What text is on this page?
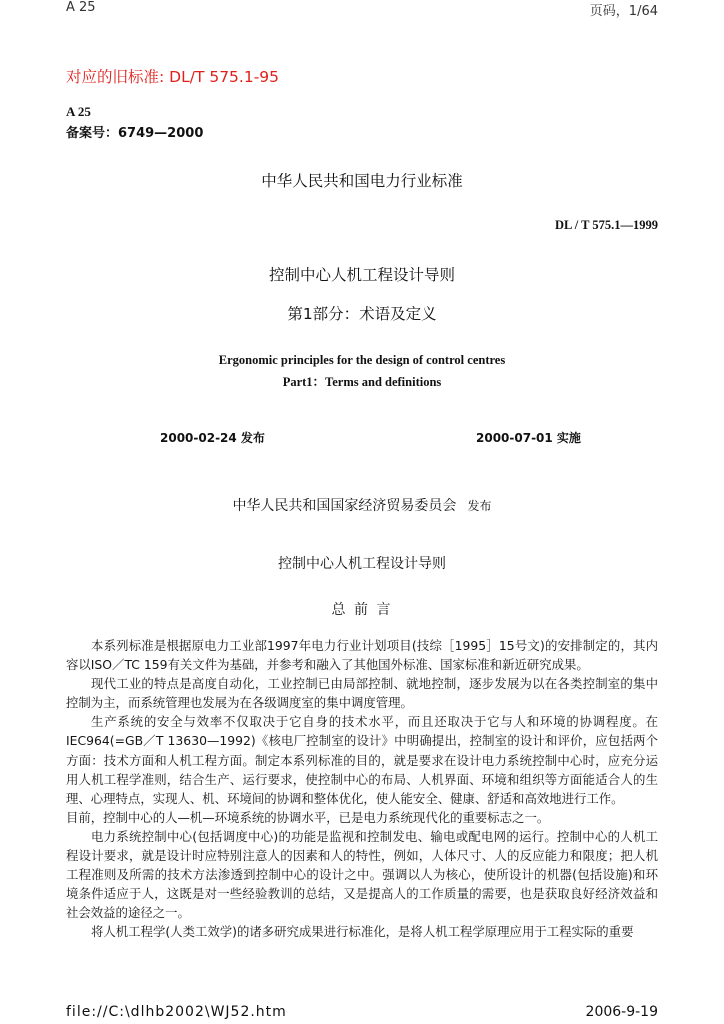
A 25	页码，1/64
对应的旧标准: DL/T 575.1-95
A 25
备案号：6749—2000
中华人民共和国电力行业标准
DL / T 575.1—1999
控制中心人机工程设计导则
第1部分：术语及定义
Ergonomic principles for the design of control centres
Part1：Terms and definitions
2000-02-24 发布	2000-07-01 实施
中华人民共和国国家经济贸易委员会 发布
控制中心人机工程设计导则
总 前 言

本系列标准是根据原电力工业部1997年电力行业计划项目(技综［1995］15号文)的安排制定的，其内容以ISO／TC 159有关文件为基础，并参考和融入了其他国外标准、国家标准和新近研究成果。

现代工业的特点是高度自动化，工业控制已由局部控制、就地控制，逐步发展为以在各类控制室的集中控制为主，而系统管理也发展为在各级调度室的集中调度管理。

生产系统的安全与效率不仅取决于它自身的技术水平，而且还取决于它与人和环境的协调程度。在IEC964(=GB／T 13630—1992)《核电厂控制室的设计》中明确提出，控制室的设计和评价，应包括两个方面：技术方面和人机工程方面。制定本系列标准的目的，就是要求在设计电力系统控制中心时，应充分运用人机工程学准则，结合生产、运行要求，使控制中心的布局、人机界面、环境和组织等方面能适合人的生理、心理特点，实现人、机、环境间的协调和整体优化，使人能安全、健康、舒适和高效地进行工作。

目前，控制中心的人—机—环境系统的协调水平，已是电力系统现代化的重要标志之一。

电力系统控制中心(包括调度中心)的功能是监视和控制发电、输电或配电网的运行。控制中心的人机工程设计要求，就是设计时应特别注意人的因素和人的特性，例如，人体尺寸、人的反应能力和限度；把人机工程准则及所需的技术方法渗透到控制中心的设计之中。强调以人为核心，使所设计的机器(包括设施)和环境条件适应于人，这既是对一些经验教训的总结，又是提高人的工作质量的需要，也是获取良好经济效益和社会效益的途径之一。

将人机工程学(人类工效学)的诸多研究成果进行标准化，是将人机工程学原理应用于工程实际的重要

file://C:\dlhb2002\WJ52.htm	2006-9-19
